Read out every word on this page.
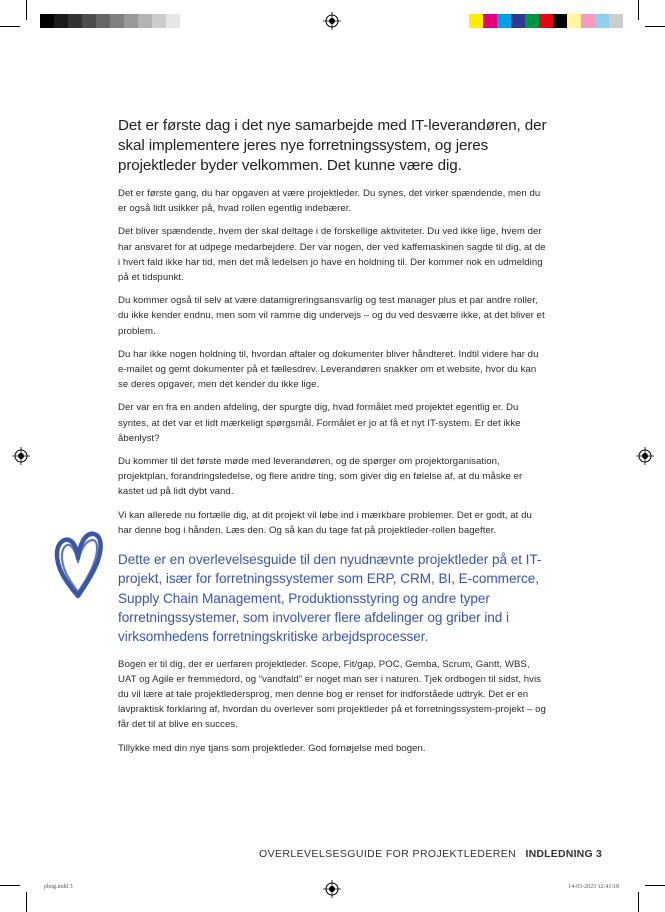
Det er første dag i det nye samarbejde med IT-leverandøren, der skal implementere jeres nye forretningssystem, og jeres projektleder byder velkommen. Det kunne være dig.

Det er første gang, du har opgaven at være projektleder. Du synes, det virker spændende, men du er også lidt usikker på, hvad rollen egentlig indebærer.

Det bliver spændende, hvem der skal deltage i de forskellige aktiviteter. Du ved ikke lige, hvem der har ansvaret for at udpege medarbejdere. Der var nogen, der ved kaffemaskinen sagde til dig, at de i hvert fald ikke har tid, men det må ledelsen jo have en holdning til. Der kommer nok en udmelding på et tidspunkt.

Du kommer også til selv at være datamigreringsansvarlig og test manager plus et par andre roller, du ikke kender endnu, men som vil ramme dig undervejs – og du ved desværre ikke, at det bliver et problem.

Du har ikke nogen holdning til, hvordan aftaler og dokumenter bliver håndteret. Indtil videre har du e-mailet og gemt dokumenter på et fællesdrev. Leverandøren snakker om et website, hvor du kan se deres opgaver, men det kender du ikke lige.

Der var en fra en anden afdeling, der spurgte dig, hvad formålet med projektet egentlig er. Du syntes, at det var et lidt mærkeligt spørgsmål. Formålet er jo at få et nyt IT-system. Er det ikke åbenlyst?

Du kommer til det første møde med leverandøren, og de spørger om projektorganisation, projektplan, forandringsledelse, og flere andre ting, som giver dig en følelse af, at du måske er kastet ud på lidt dybt vand.

Vi kan allerede nu fortælle dig, at dit projekt vil løbe ind i mærkbare problemer. Det er godt, at du har denne bog i hånden. Læs den. Og så kan du tage fat på projektleder-rollen bagefter.

Dette er en overlevelsesguide til den nyudnævnte projektleder på et IT-projekt, især for forretningssystemer som ERP, CRM, BI, E-commerce, Supply Chain Management, Produktionsstyring og andre typer forretningssystemer, som involverer flere afdelinger og griber ind i virksomhedens forretningskritiske arbejdsprocesser.

Bogen er til dig, der er uerfaren projektleder. Scope, Fit/gap, POC, Gemba, Scrum, Gantt, WBS, UAT og Agile er fremmedord, og “vandfald” er noget man ser i naturen. Tjek ordbogen til sidst, hvis du vil lære at tale projektledersprog, men denne bog er renset for indforståede udtryk. Det er en lavpraktisk forklaring af, hvordan du overlever som projektleder på et forretningssystem-projekt – og får det til at blive en succes.

Tillykke med din nye tjans som projektleder. God fornøjelse med bogen.

OVERLEVELSESGUIDE FOR PROJEKTLEDEREN INDLEDNING 3
pbog.indd 3	14-03-2023 12:41:18
